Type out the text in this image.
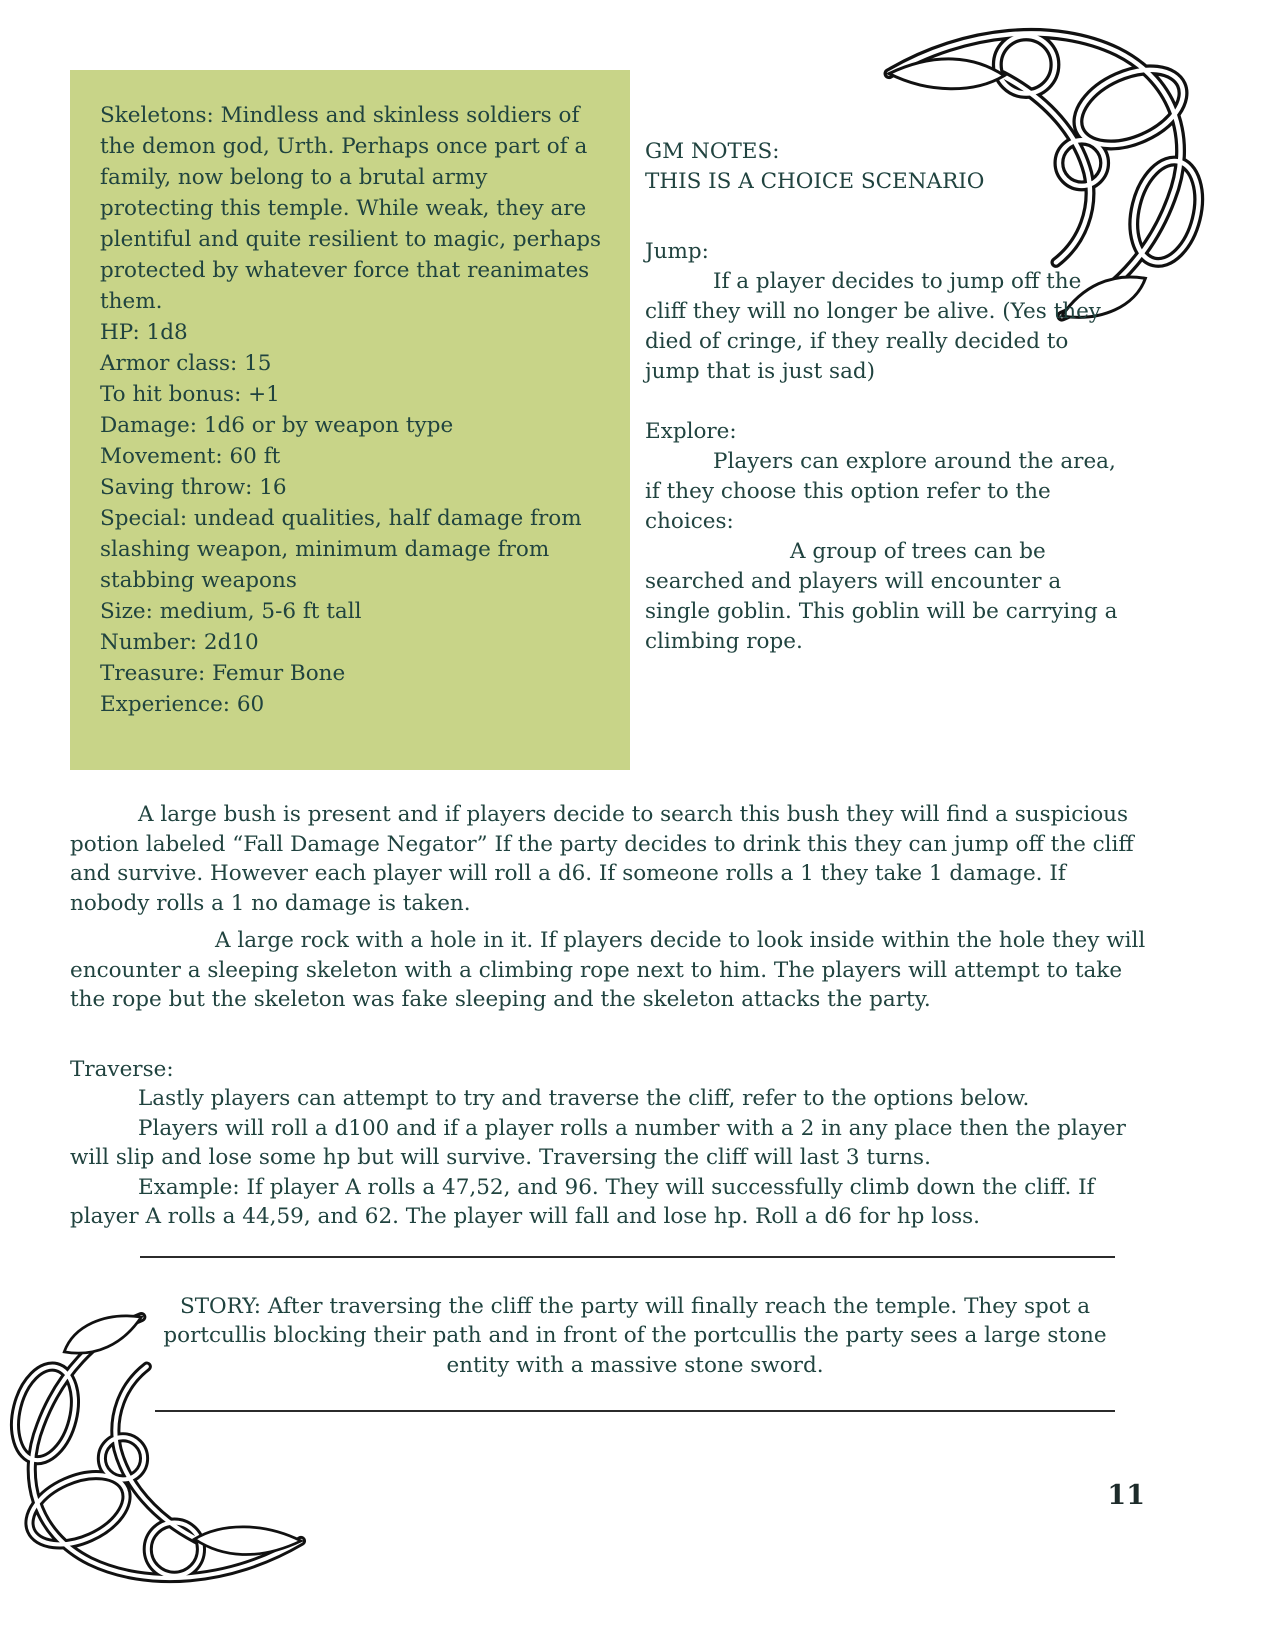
Skeletons: Mindless and skinless soldiers of the demon god, Urth. Perhaps once part of a family, now belong to a brutal army protecting this temple. While weak, they are plentiful and quite resilient to magic, perhaps protected by whatever force that reanimates them.
HP: 1d8
Armor class: 15
To hit bonus: +1
Damage: 1d6 or by weapon type
Movement: 60 ft
Saving throw: 16
Special: undead qualities, half damage from slashing weapon, minimum damage from stabbing weapons
Size: medium, 5-6 ft tall
Number: 2d10
Treasure: Femur Bone
Experience: 60
GM NOTES:
THIS IS A CHOICE SCENARIO
Jump:

If a player decides to jump off the cliff they will no longer be alive. (Yes they died of cringe, if they really decided to jump that is just sad)

Explore:

Players can explore around the area, if they choose this option refer to the choices:

A group of trees can be searched and players will encounter a single goblin. This goblin will be carrying a climbing rope.

A large bush is present and if players decide to search this bush they will find a suspicious potion labeled “Fall Damage Negator” If the party decides to drink this they can jump off the cliff and survive. However each player will roll a d6. If someone rolls a 1 they take 1 damage. If nobody rolls a 1 no damage is taken.

A large rock with a hole in it. If players decide to look inside within the hole they will encounter a sleeping skeleton with a climbing rope next to him. The players will attempt to take the rope but the skeleton was fake sleeping and the skeleton attacks the party.

Traverse:

Lastly players can attempt to try and traverse the cliff, refer to the options below.

Players will roll a d100 and if a player rolls a number with a 2 in any place then the player will slip and lose some hp but will survive. Traversing the cliff will last 3 turns.

Example: If player A rolls a 47,52, and 96. They will successfully climb down the cliff. If player A rolls a 44,59, and 62. The player will fall and lose hp. Roll a d6 for hp loss.

STORY: After traversing the cliff the party will finally reach the temple. They spot a portcullis blocking their path and in front of the portcullis the party sees a large stone entity with a massive stone sword.

11
